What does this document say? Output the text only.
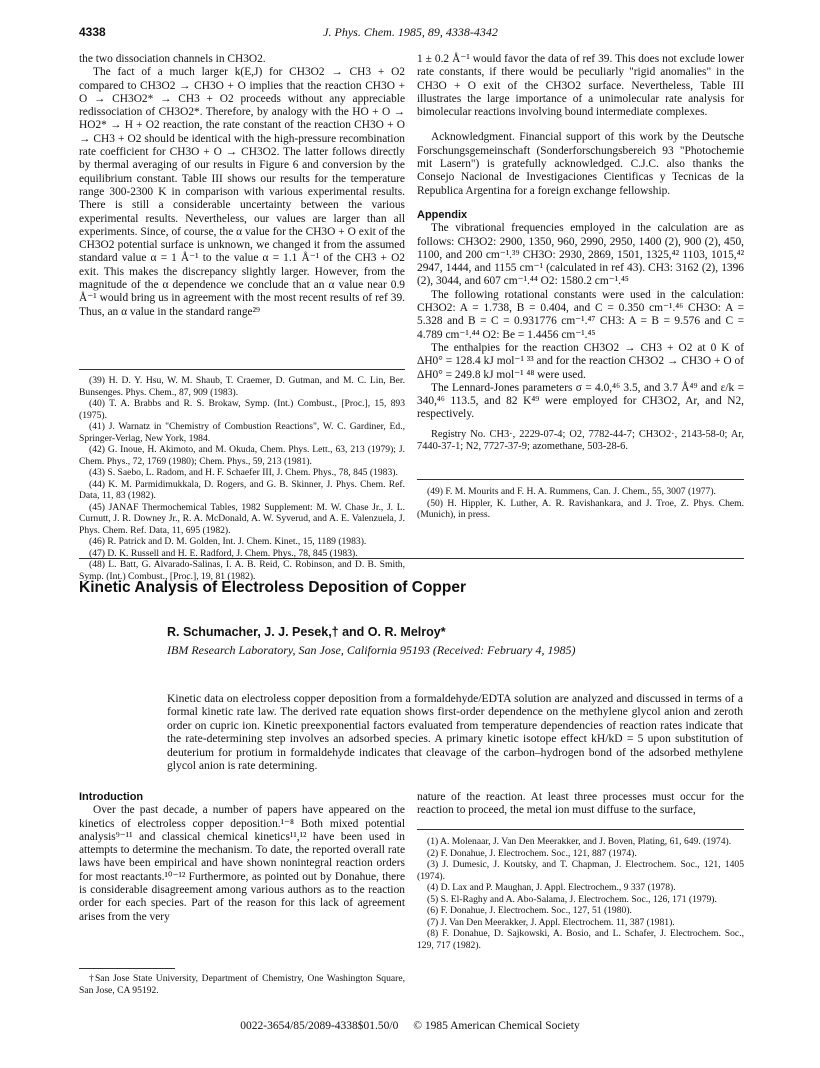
4338	J. Phys. Chem. 1985, 89, 4338-4342

the two dissociation channels in CH3O2.

The fact of a much larger k(E,J) for CH3O2 → CH3 + O2 compared to CH3O2 → CH3O + O implies that the reaction CH3O + O → CH3O2* → CH3 + O2 proceeds without any appreciable redissociation of CH3O2*. Therefore, by analogy with the HO + O → HO2* → H + O2 reaction, the rate constant of the reaction CH3O + O → CH3 + O2 should be identical with the high-pressure recombination rate coefficient for CH3O + O → CH3O2. The latter follows directly by thermal averaging of our results in Figure 6 and conversion by the equilibrium constant. Table III shows our results for the temperature range 300-2300 K in comparison with various experimental results. There is still a considerable uncertainty between the various experimental results. Nevertheless, our values are larger than all experiments. Since, of course, the α value for the CH3O + O exit of the CH3O2 potential surface is unknown, we changed it from the assumed standard value α = 1 Å⁻¹ to the value α = 1.1 Å⁻¹ of the CH3 + O2 exit. This makes the discrepancy slightly larger. However, from the magnitude of the α dependence we conclude that an α value near 0.9 Å⁻¹ would bring us in agreement with the most recent results of ref 39. Thus, an α value in the standard range²⁹

(39) H. D. Y. Hsu, W. M. Shaub, T. Craemer, D. Gutman, and M. C. Lin, Ber. Bunsenges. Phys. Chem., 87, 909 (1983).

(40) T. A. Brabbs and R. S. Brokaw, Symp. (Int.) Combust., [Proc.], 15, 893 (1975).

(41) J. Warnatz in "Chemistry of Combustion Reactions", W. C. Gardiner, Ed., Springer-Verlag, New York, 1984.

(42) G. Inoue, H. Akimoto, and M. Okuda, Chem. Phys. Lett., 63, 213 (1979); J. Chem. Phys., 72, 1769 (1980); Chem. Phys., 59, 213 (1981).

(43) S. Saebo, L. Radom, and H. F. Schaefer III, J. Chem. Phys., 78, 845 (1983).

(44) K. M. Parmidimukkala, D. Rogers, and G. B. Skinner, J. Phys. Chem. Ref. Data, 11, 83 (1982).

(45) JANAF Thermochemical Tables, 1982 Supplement: M. W. Chase Jr., J. L. Curnutt, J. R. Downey Jr., R. A. McDonald, A. W. Syverud, and A. E. Valenzuela, J. Phys. Chem. Ref. Data, 11, 695 (1982).

(46) R. Patrick and D. M. Golden, Int. J. Chem. Kinet., 15, 1189 (1983).

(47) D. K. Russell and H. E. Radford, J. Chem. Phys., 78, 845 (1983).

(48) L. Batt, G. Alvarado-Salinas, I. A. B. Reid, C. Robinson, and D. B. Smith, Symp. (Int.) Combust., [Proc.], 19, 81 (1982).

1 ± 0.2 Å⁻¹ would favor the data of ref 39. This does not exclude lower rate constants, if there would be peculiarly "rigid anomalies" in the CH3O + O exit of the CH3O2 surface. Nevertheless, Table III illustrates the large importance of a unimolecular rate analysis for bimolecular reactions involving bound intermediate complexes.

Acknowledgment. Financial support of this work by the Deutsche Forschungsgemeinschaft (Sonderforschungsbereich 93 "Photochemie mit Lasern") is gratefully acknowledged. C.J.C. also thanks the Consejo Nacional de Investigaciones Cientificas y Tecnicas de la Republica Argentina for a foreign exchange fellowship.

Appendix

The vibrational frequencies employed in the calculation are as follows: CH3O2: 2900, 1350, 960, 2990, 2950, 1400 (2), 900 (2), 450, 1100, and 200 cm⁻¹.³⁹ CH3O: 2930, 2869, 1501, 1325,⁴² 1103, 1015,⁴² 2947, 1444, and 1155 cm⁻¹ (calculated in ref 43). CH3: 3162 (2), 1396 (2), 3044, and 607 cm⁻¹.⁴⁴ O2: 1580.2 cm⁻¹.⁴⁵

The following rotational constants were used in the calculation: CH3O2: A = 1.738, B = 0.404, and C = 0.350 cm⁻¹.⁴⁶ CH3O: A = 5.328 and B = C = 0.931776 cm⁻¹.⁴⁷ CH3: A = B = 9.576 and C = 4.789 cm⁻¹.⁴⁴ O2: Be = 1.4456 cm⁻¹.⁴⁵

The enthalpies for the reaction CH3O2 → CH3 + O2 at 0 K of ΔH0° = 128.4 kJ mol⁻¹ ³³ and for the reaction CH3O2 → CH3O + O of ΔH0° = 249.8 kJ mol⁻¹ ⁴⁸ were used.

The Lennard-Jones parameters σ = 4.0,⁴⁶ 3.5, and 3.7 Å⁴⁹ and ε/k = 340,⁴⁶ 113.5, and 82 K⁴⁹ were employed for CH3O2, Ar, and N2, respectively.

Registry No. CH3·, 2229-07-4; O2, 7782-44-7; CH3O2·, 2143-58-0; Ar, 7440-37-1; N2, 7727-37-9; azomethane, 503-28-6.

(49) F. M. Mourits and F. H. A. Rummens, Can. J. Chem., 55, 3007 (1977).

(50) H. Hippler, K. Luther, A. R. Ravishankara, and J. Troe, Z. Phys. Chem. (Munich), in press.

Kinetic Analysis of Electroless Deposition of Copper
R. Schumacher, J. J. Pesek,† and O. R. Melroy*
IBM Research Laboratory, San Jose, California 95193 (Received: February 4, 1985)
Kinetic data on electroless copper deposition from a formaldehyde/EDTA solution are analyzed and discussed in terms of a formal kinetic rate law. The derived rate equation shows first-order dependence on the methylene glycol anion and zeroth order on cupric ion. Kinetic preexponential factors evaluated from temperature dependencies of reaction rates indicate that the rate-determining step involves an adsorbed species. A primary kinetic isotope effect kH/kD = 5 upon substitution of deuterium for protium in formaldehyde indicates that cleavage of the carbon–hydrogen bond of the adsorbed methylene glycol anion is rate determining.

Introduction

Over the past decade, a number of papers have appeared on the kinetics of electroless copper deposition.¹⁻⁸ Both mixed potential analysis⁹⁻¹¹ and classical chemical kinetics¹¹,¹² have been used in attempts to determine the mechanism. To date, the reported overall rate laws have been empirical and have shown nonintegral reaction orders for most reactants.¹⁰⁻¹² Furthermore, as pointed out by Donahue, there is considerable disagreement among various authors as to the reaction order for each species. Part of the reason for this lack of agreement arises from the very

nature of the reaction. At least three processes must occur for the reaction to proceed, the metal ion must diffuse to the surface,

(1) A. Molenaar, J. Van Den Meerakker, and J. Boven, Plating, 61, 649. (1974).

(2) F. Donahue, J. Electrochem. Soc., 121, 887 (1974).

(3) J. Dumesic, J. Koutsky, and T. Chapman, J. Electrochem. Soc., 121, 1405 (1974).

(4) D. Lax and P. Maughan, J. Appl. Electrochem., 9 337 (1978).

(5) S. El-Raghy and A. Abo-Salama, J. Electrochem. Soc., 126, 171 (1979).

(6) F. Donahue, J. Electrochem. Soc., 127, 51 (1980).

(7) J. Van Den Meerakker, J. Appl. Electrochem. 11, 387 (1981).

(8) F. Donahue, D. Sajkowski, A. Bosio, and L. Schafer, J. Electrochem. Soc., 129, 717 (1982).

†San Jose State University, Department of Chemistry, One Washington Square, San Jose, CA 95192.

0022-3654/85/2089-4338$01.50/0 © 1985 American Chemical Society
